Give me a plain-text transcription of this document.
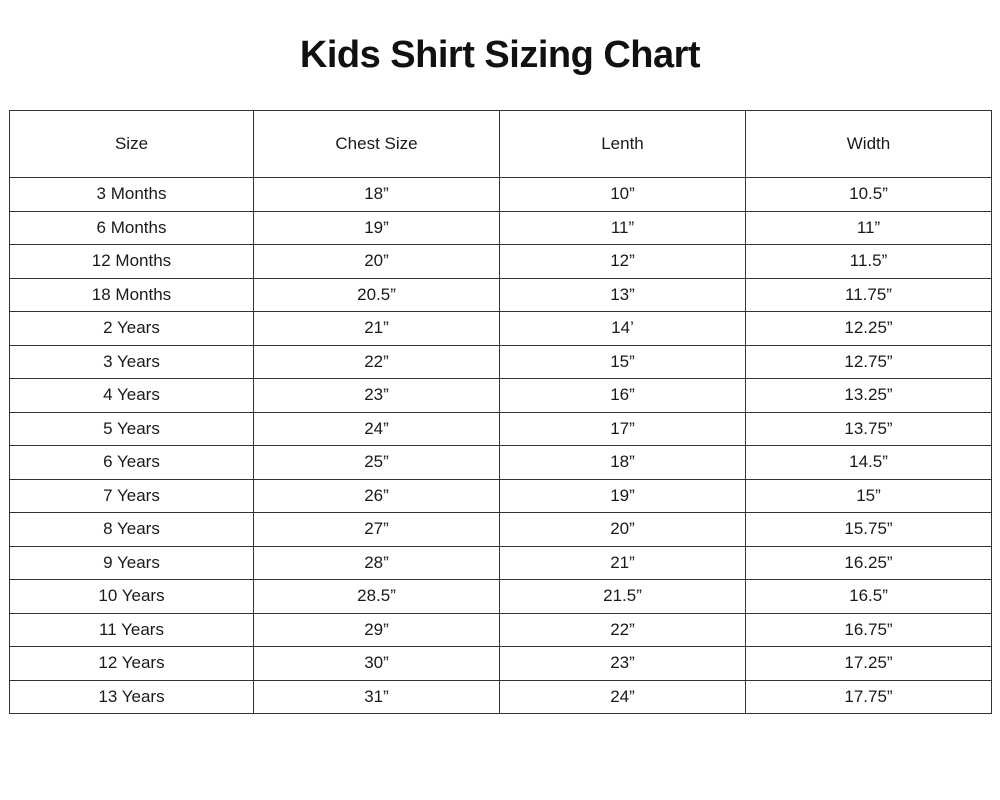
Kids Shirt Sizing Chart
Size	Chest Size	Lenth	Width
3 Months	18”	10”	10.5”
6 Months	19”	11”	11”
12 Months	20”	12”	11.5”
18 Months	20.5”	13”	11.75”
2 Years	21”	14’	12.25”
3 Years	22”	15”	12.75”
4 Years	23”	16”	13.25”
5 Years	24”	17”	13.75”
6 Years	25”	18”	14.5”
7 Years	26”	19”	15”
8 Years	27”	20”	15.75”
9 Years	28”	21”	16.25”
10 Years	28.5”	21.5”	16.5”
11 Years	29”	22”	16.75”
12 Years	30”	23”	17.25”
13 Years	31”	24”	17.75”
